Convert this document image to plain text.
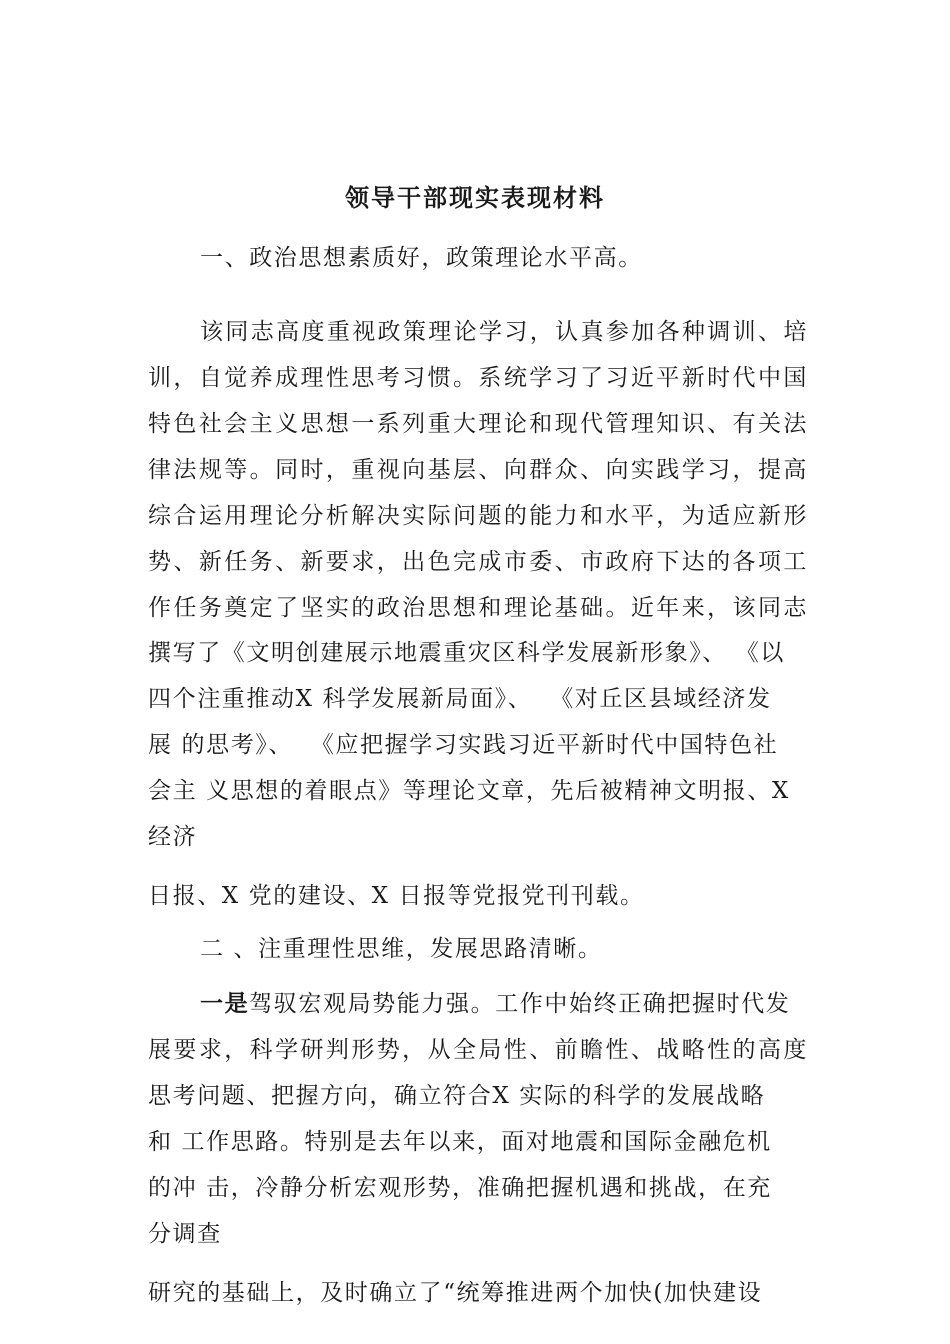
领导干部现实表现材料
一、政治思想素质好，政策理论水平高。
该同志高度重视政策理论学习，认真参加各种调训、培
训，自觉养成理性思考习惯。系统学习了习近平新时代中国
特色社会主义思想一系列重大理论和现代管理知识、有关法
律法规等。同时，重视向基层、向群众、向实践学习，提高
综合运用理论分析解决实际问题的能力和水平，为适应新形
势、新任务、新要求，出色完成市委、市政府下达的各项工
作任务奠定了坚实的政治思想和理论基础。近年来，该同志
撰写了《文明创建展示地震重灾区科学发展新形象》、 《以
四个注重推动X 科学发展新局面》、  《对丘区县域经济发
展 的思考》、  《应把握学习实践习近平新时代中国特色社
会主 义思想的着眼点》等理论文章，先后被精神文明报、X
经济
日报、X 党的建设、X 日报等党报党刊刊载。
二 、注重理性思维，发展思路清晰。
一是驾驭宏观局势能力强。工作中始终正确把握时代发
展要求，科学研判形势，从全局性、前瞻性、战略性的高度
思考问题、把握方向，确立符合X 实际的科学的发展战略
和 工作思路。特别是去年以来，面对地震和国际金融危机
的冲 击，冷静分析宏观形势，准确把握机遇和挑战，在充
分调查
研究的基础上，及时确立了“统筹推进两个加快(加快建设
